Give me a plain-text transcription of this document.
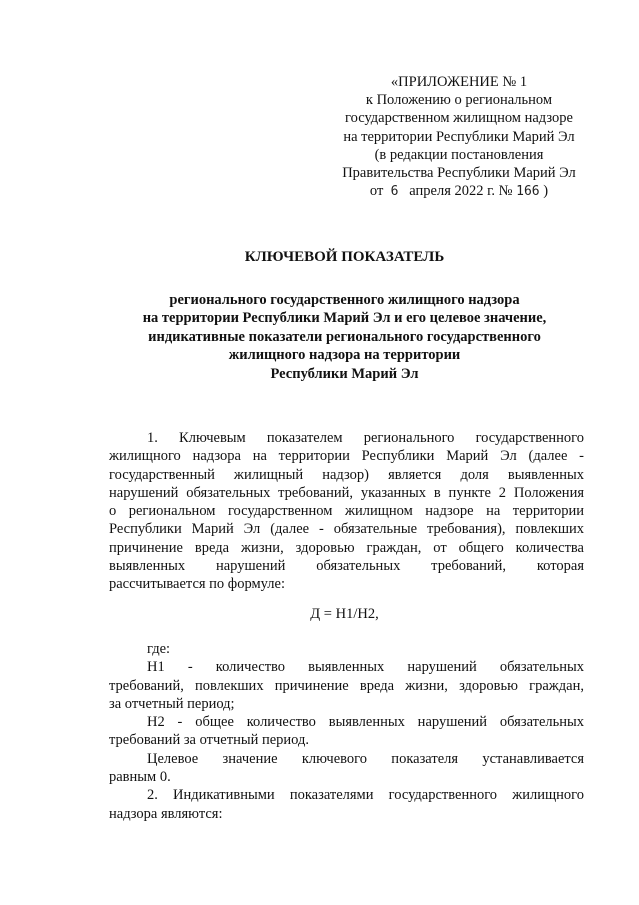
«ПРИЛОЖЕНИЕ № 1
к Положению о региональном
государственном жилищном надзоре
на территории Республики Марий Эл
(в редакции постановления
Правительства Республики Марий Эл
от 6 апреля 2022 г. № 166 )
КЛЮЧЕВОЙ ПОКАЗАТЕЛЬ
регионального государственного жилищного надзора
на территории Республики Марий Эл и его целевое значение,
индикативные показатели регионального государственного
жилищного надзора на территории
Республики Марий Эл
1. Ключевым показателем регионального государственного
жилищного надзора на территории Республики Марий Эл (далее -
государственный жилищный надзор) является доля выявленных
нарушений обязательных требований, указанных в пункте 2 Положения
о региональном государственном жилищном надзоре на территории
Республики Марий Эл (далее - обязательные требования), повлекших
причинение вреда жизни, здоровью граждан, от общего количества
выявленных нарушений обязательных требований, которая
рассчитывается по формуле:
Д = Н1/Н2,
где:
Н1 - количество выявленных нарушений обязательных
требований, повлекших причинение вреда жизни, здоровью граждан,
за отчетный период;
Н2 - общее количество выявленных нарушений обязательных
требований за отчетный период.
Целевое значение ключевого показателя устанавливается
равным 0.
2. Индикативными показателями государственного жилищного
надзора являются:
